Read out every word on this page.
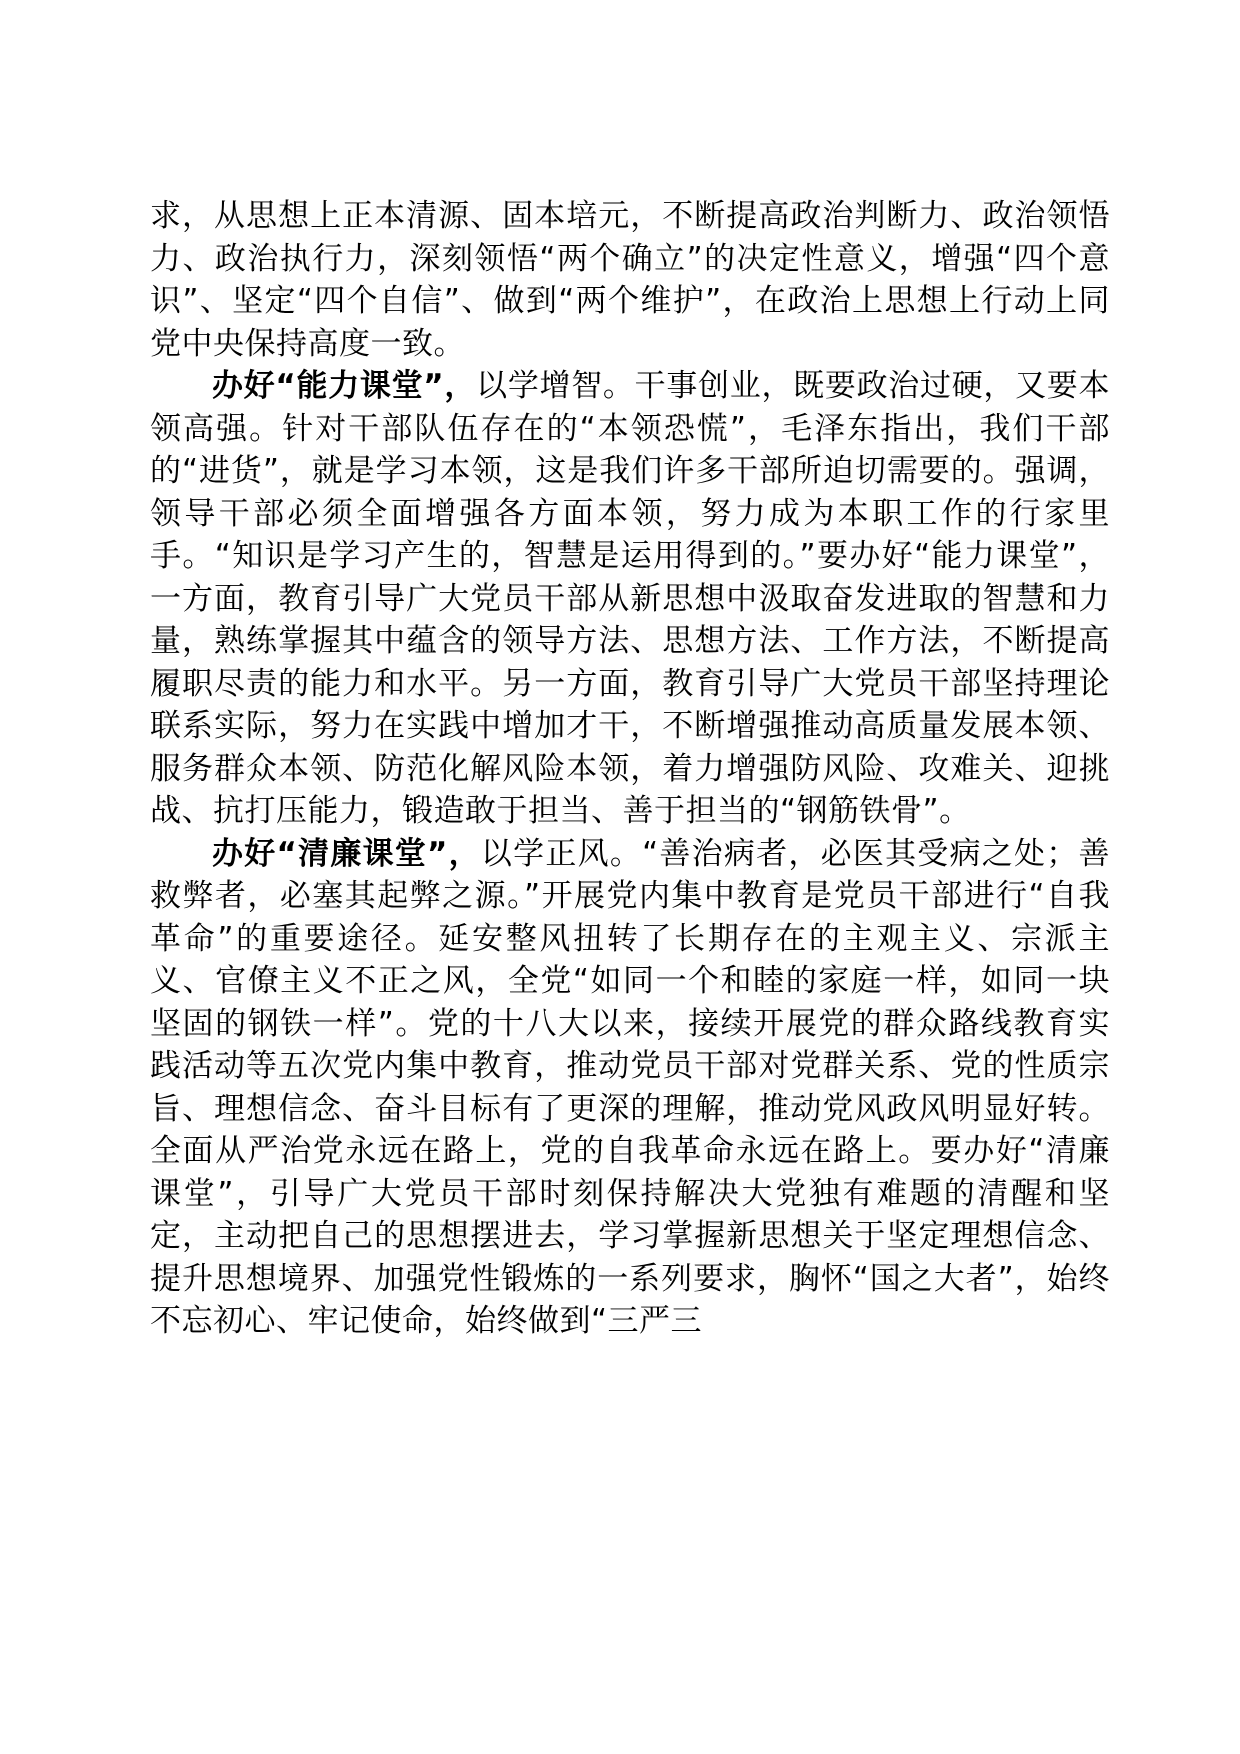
求，从思想上正本清源、固本培元，不断提高政治判断力、政治领悟力、政治执行力，深刻领悟“两个确立”的决定性意义，增强“四个意识”、坚定“四个自信”、做到“两个维护”，在政治上思想上行动上同党中央保持高度一致。

办好“能力课堂”，以学增智。干事创业，既要政治过硬，又要本领高强。针对干部队伍存在的“本领恐慌”，毛泽东指出，我们干部的“进货”，就是学习本领，这是我们许多干部所迫切需要的。强调，领导干部必须全面增强各方面本领，努力成为本职工作的行家里手。“知识是学习产生的，智慧是运用得到的。”要办好“能力课堂”，一方面，教育引导广大党员干部从新思想中汲取奋发进取的智慧和力量，熟练掌握其中蕴含的领导方法、思想方法、工作方法，不断提高履职尽责的能力和水平。另一方面，教育引导广大党员干部坚持理论联系实际，努力在实践中增加才干，不断增强推动高质量发展本领、服务群众本领、防范化解风险本领，着力增强防风险、攻难关、迎挑战、抗打压能力，锻造敢于担当、善于担当的“钢筋铁骨”。

办好“清廉课堂”，以学正风。“善治病者，必医其受病之处；善救弊者，必塞其起弊之源。”开展党内集中教育是党员干部进行“自我革命”的重要途径。延安整风扭转了长期存在的主观主义、宗派主义、官僚主义不正之风，全党“如同一个和睦的家庭一样，如同一块坚固的钢铁一样”。党的十八大以来，接续开展党的群众路线教育实践活动等五次党内集中教育，推动党员干部对党群关系、党的性质宗旨、理想信念、奋斗目标有了更深的理解，推动党风政风明显好转。全面从严治党永远在路上，党的自我革命永远在路上。要办好“清廉课堂”，引导广大党员干部时刻保持解决大党独有难题的清醒和坚定，主动把自己的思想摆进去，学习掌握新思想关于坚定理想信念、提升思想境界、加强党性锻炼的一系列要求，胸怀“国之大者”，始终不忘初心、牢记使命，始终做到“三严三
